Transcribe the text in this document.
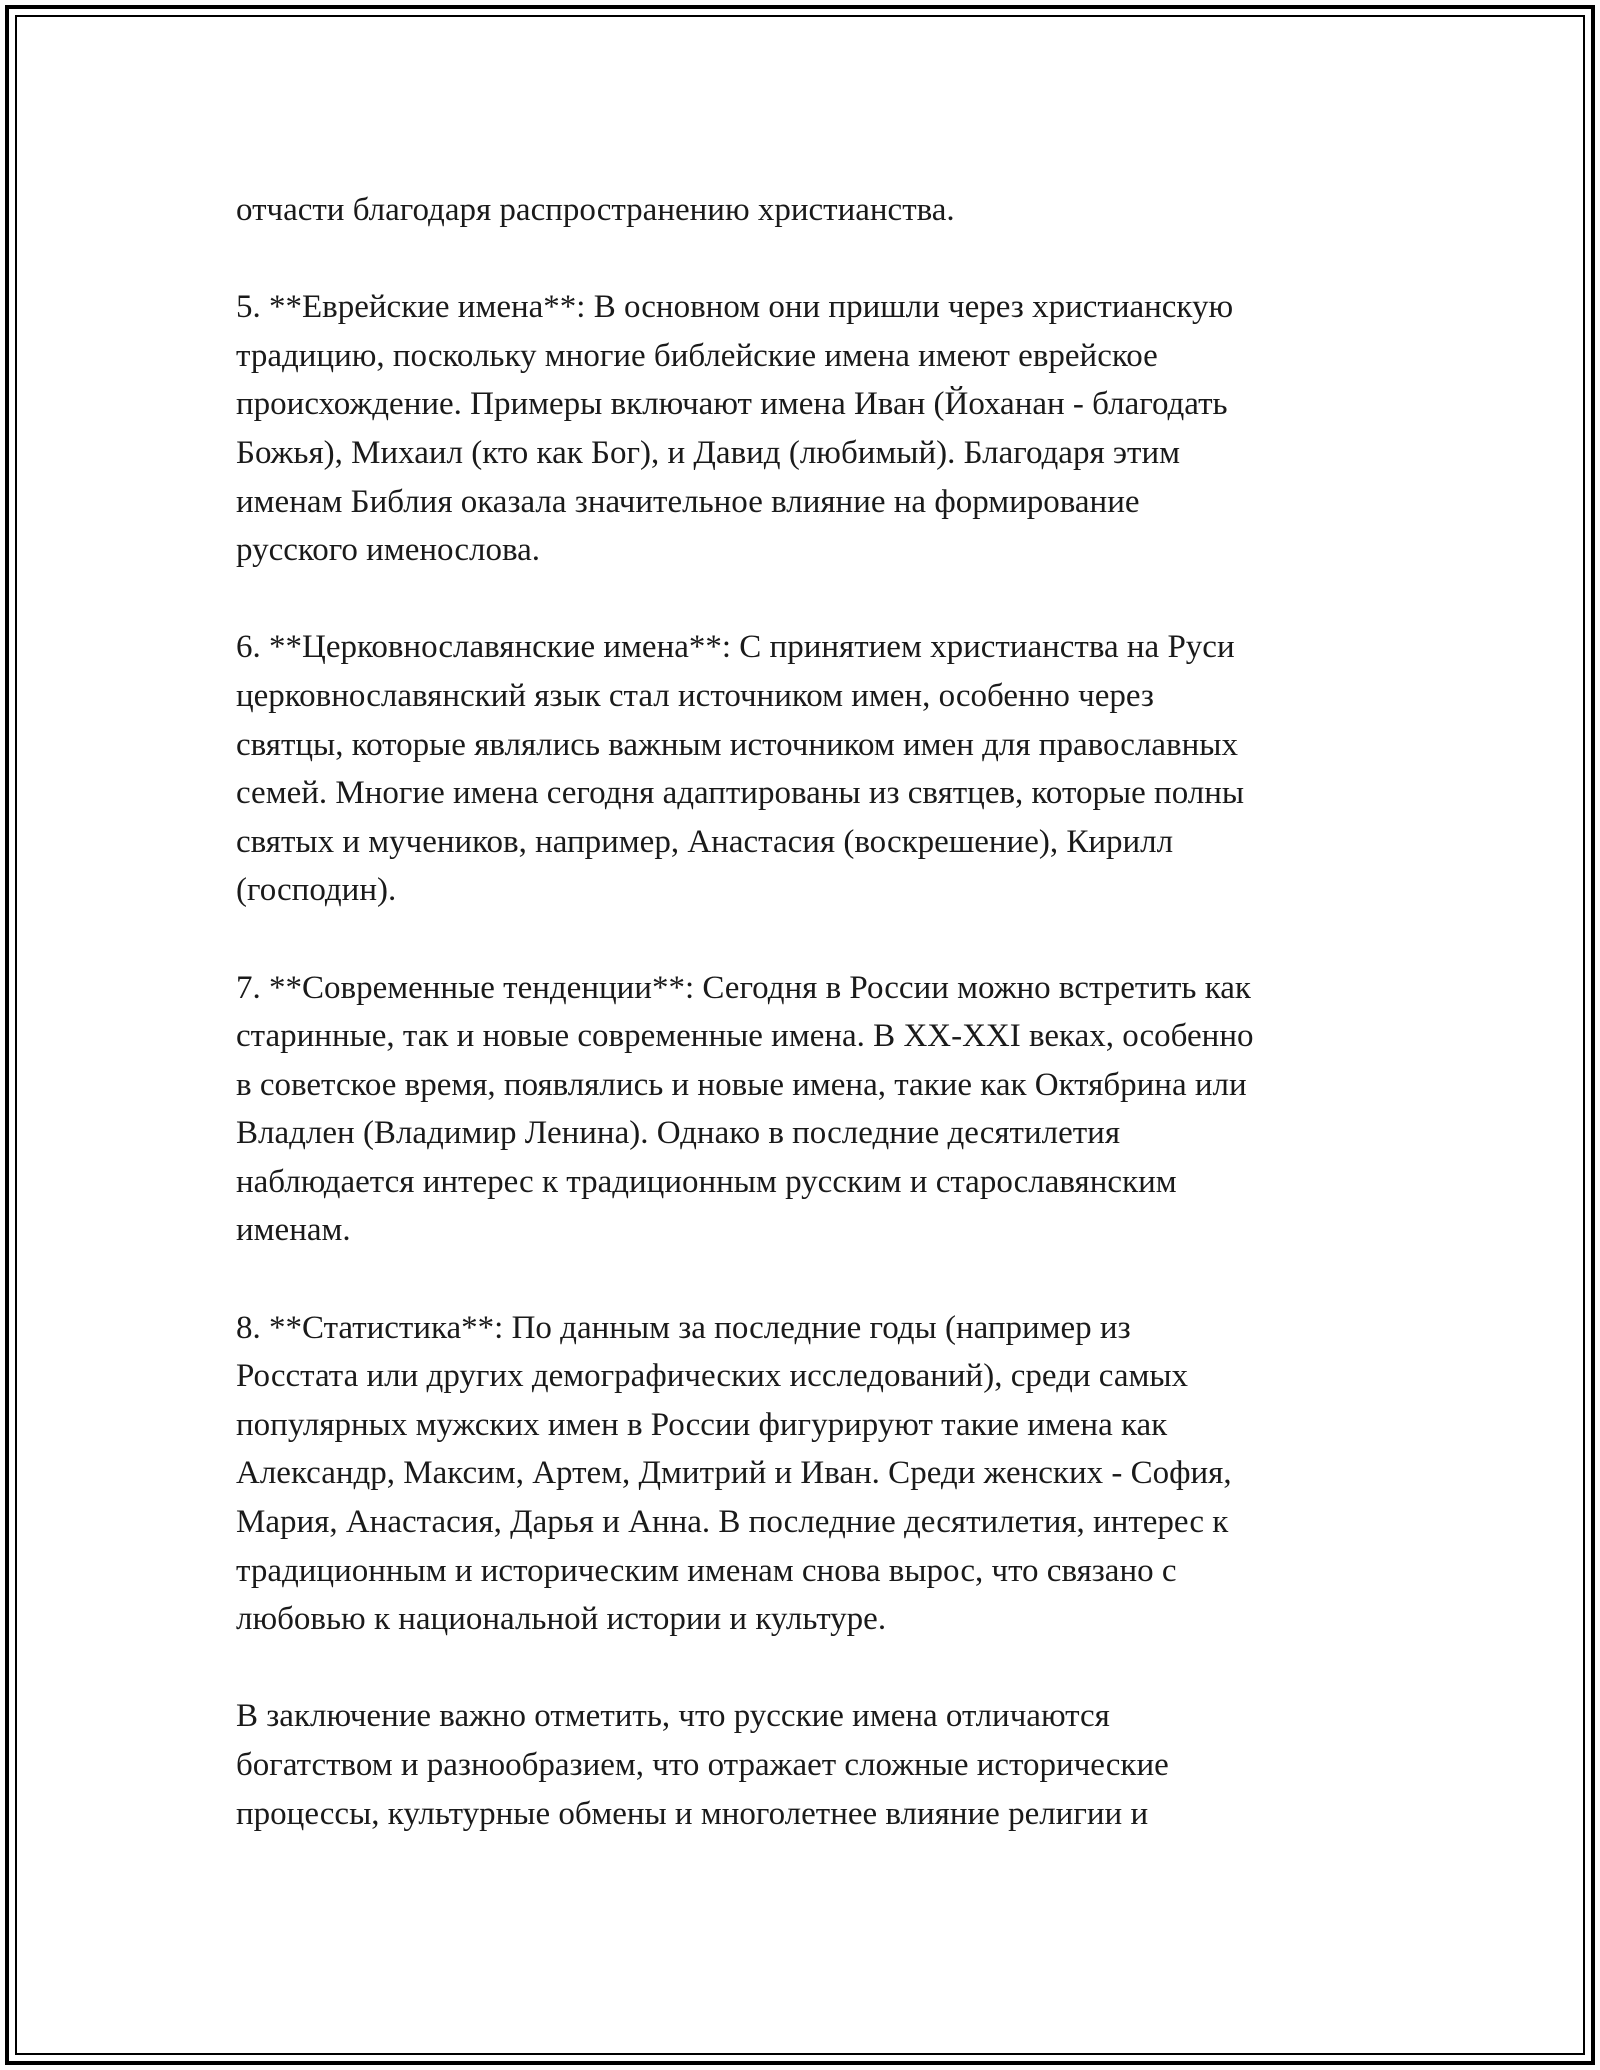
отчасти благодаря распространению христианства.

5. **Еврейские имена**: В основном они пришли через христианскую
традицию, поскольку многие библейские имена имеют еврейское
происхождение. Примеры включают имена Иван (Йоханан - благодать
Божья), Михаил (кто как Бог), и Давид (любимый). Благодаря этим
именам Библия оказала значительное влияние на формирование
русского именослова.

6. **Церковнославянские имена**: С принятием христианства на Руси
церковнославянский язык стал источником имен, особенно через
святцы, которые являлись важным источником имен для православных
семей. Многие имена сегодня адаптированы из святцев, которые полны
святых и мучеников, например, Анастасия (воскрешение), Кирилл
(господин).

7. **Современные тенденции**: Сегодня в России можно встретить как
старинные, так и новые современные имена. В XX-XXI веках, особенно
в советское время, появлялись и новые имена, такие как Октябрина или
Владлен (Владимир Ленина). Однако в последние десятилетия
наблюдается интерес к традиционным русским и старославянским
именам.

8. **Статистика**: По данным за последние годы (например из
Росстата или других демографических исследований), среди самых
популярных мужских имен в России фигурируют такие имена как
Александр, Максим, Артем, Дмитрий и Иван. Среди женских - София,
Мария, Анастасия, Дарья и Анна. В последние десятилетия, интерес к
традиционным и историческим именам снова вырос, что связано с
любовью к национальной истории и культуре.

В заключение важно отметить, что русские имена отличаются
богатством и разнообразием, что отражает сложные исторические
процессы, культурные обмены и многолетнее влияние религии и
